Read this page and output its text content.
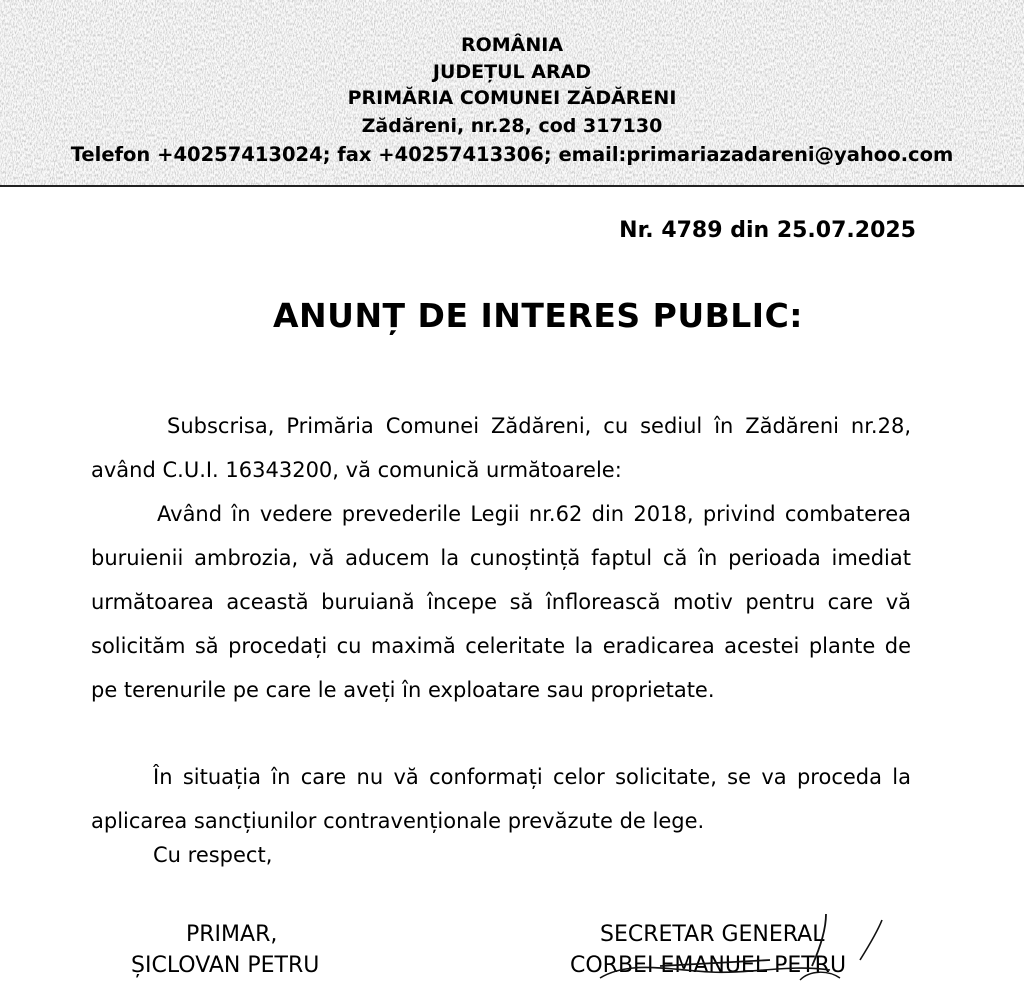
ROMÂNIA
JUDEȚUL ARAD
PRIMĂRIA COMUNEI ZĂDĂRENI
Zădăreni, nr.28, cod 317130
Telefon +40257413024; fax +40257413306; email:primariazadareni@yahoo.com
Nr. 4789 din 25.07.2025
ANUNȚ DE INTERES PUBLIC:

Subscrisa, Primăria Comunei Zădăreni, cu sediul în Zădăreni nr.28, având C.U.I. 16343200, vă comunică următoarele:

Având în vedere prevederile Legii nr.62 din 2018, privind combaterea buruienii ambrozia, vă aducem la cunoștință faptul că în perioada imediat următoarea această buruiană începe să înflorească motiv pentru care vă solicităm să procedați cu maximă celeritate la eradicarea acestei plante de pe terenurile pe care le aveți în exploatare sau proprietate.

În situația în care nu vă conformați celor solicitate, se va proceda la aplicarea sancțiunilor contravenționale prevăzute de lege.

Cu respect,
PRIMAR,
ȘICLOVAN PETRU
SECRETAR GENERAL
CORBEI EMANUEL PETRU
